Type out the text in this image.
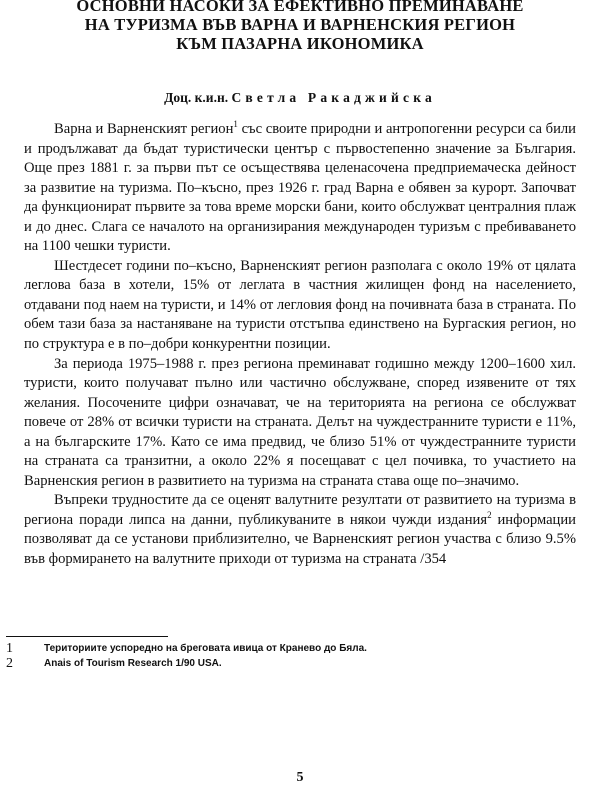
ОСНОВНИ НАСОКИ ЗА ЕФЕКТИВНО ПРЕМИНАВАНЕ
НА ТУРИЗМА ВЪВ ВАРНА И ВАРНЕНСКИЯ РЕГИОН
КЪМ ПАЗАРНА ИКОНОМИКА
Доц. к.и.н. Светла Ракаджийска

Варна и Варненският регион$^1$ със своите природни и антропогенни ресурси са били и продължават да бъдат туристически център с първостепенно значение за България. Още през 1881 г. за първи път се осъществява целенасочена предприемаческа дейност за развитие на туризма. По–късно, през 1926 г. град Варна е обявен за курорт. Започват да функционират първите за това време морски бани, които обслужват централния плаж и до днес. Слага се началото на организирания международен туризъм с пребиваването на 1100 чешки туристи.

Шестдесет години по–късно, Варненският регион разполага с около 19% от цялата леглова база в хотели, 15% от леглата в частния жилищен фонд на населението, отдавани под наем на туристи, и 14% от легловия фонд на почивната база в страната. По обем тази база за настаняване на туристи отстъпва единствено на Бургаския регион, но по структура е в по–добри конкурентни позиции.

За периода 1975–1988 г. през региона преминават годишно между 1200–1600 хил. туристи, които получават пълно или частично обслужване, според изявените от тях желания. Посочените цифри означават, че на територията на региона се обслужват повече от 28% от всички туристи на страната. Делът на чуждестранните туристи е 11%, а на българските 17%. Като се има предвид, че близо 51% от чуждестранните туристи на страната са транзитни, а около 22% я посещават с цел почивка, то участието на Варненския регион в развитието на туризма на страната става още по–значимо.

Въпреки трудностите да се оценят валутните резултати от развитието на туризма в региона поради липса на данни, публикуваните в някои чужди издания$^2$ информации позволяват да се установи приблизително, че Варненският регион участва с близо 9.5% във формирането на валутните приходи от туризма на страната /354

1	Териториите успоредно на бреговата ивица от Кранево до Бяла.
2	Anais of Tourism Research 1/90 USA.
5
